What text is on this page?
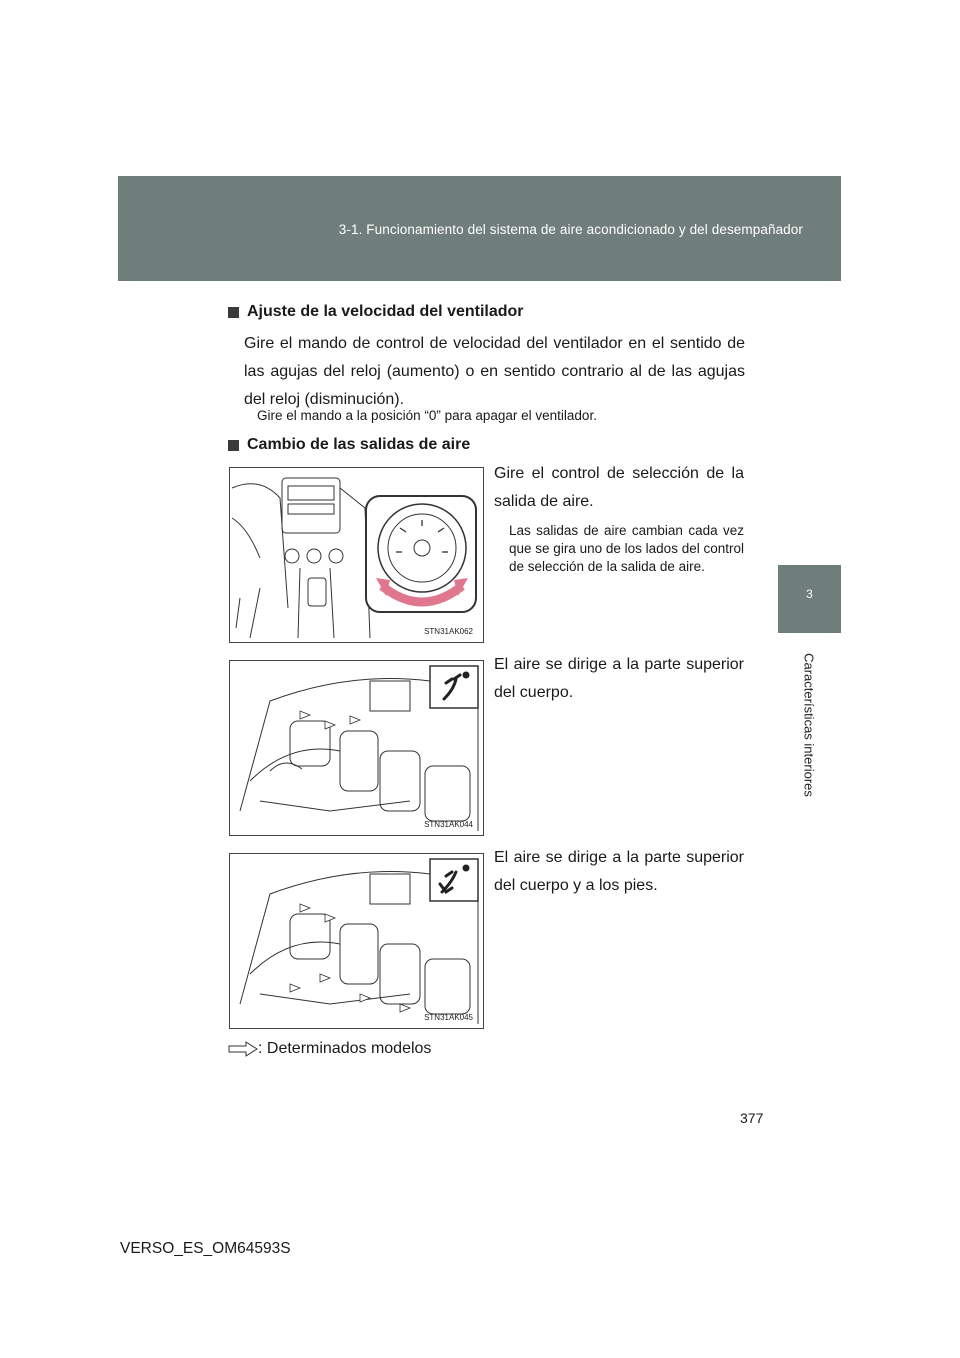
3-1. Funcionamiento del sistema de aire acondicionado y del desempañador
3
Características interiores
Ajuste de la velocidad del ventilador
Gire el mando de control de velocidad del ventilador en el sentido de las agujas del reloj (aumento) o en sentido contrario al de las agujas del reloj (disminución).
Gire el mando a la posición “0” para apagar el ventilador.
Cambio de las salidas de aire
STN31AK062
Gire el control de selección de la salida de aire.
Las salidas de aire cambian cada vez que se gira uno de los lados del control de selección de la salida de aire.
STN31AK044
El aire se dirige a la parte superior del cuerpo.
STN31AK045
El aire se dirige a la parte superior del cuerpo y a los pies.
: Determinados modelos
377
VERSO_ES_OM64593S
